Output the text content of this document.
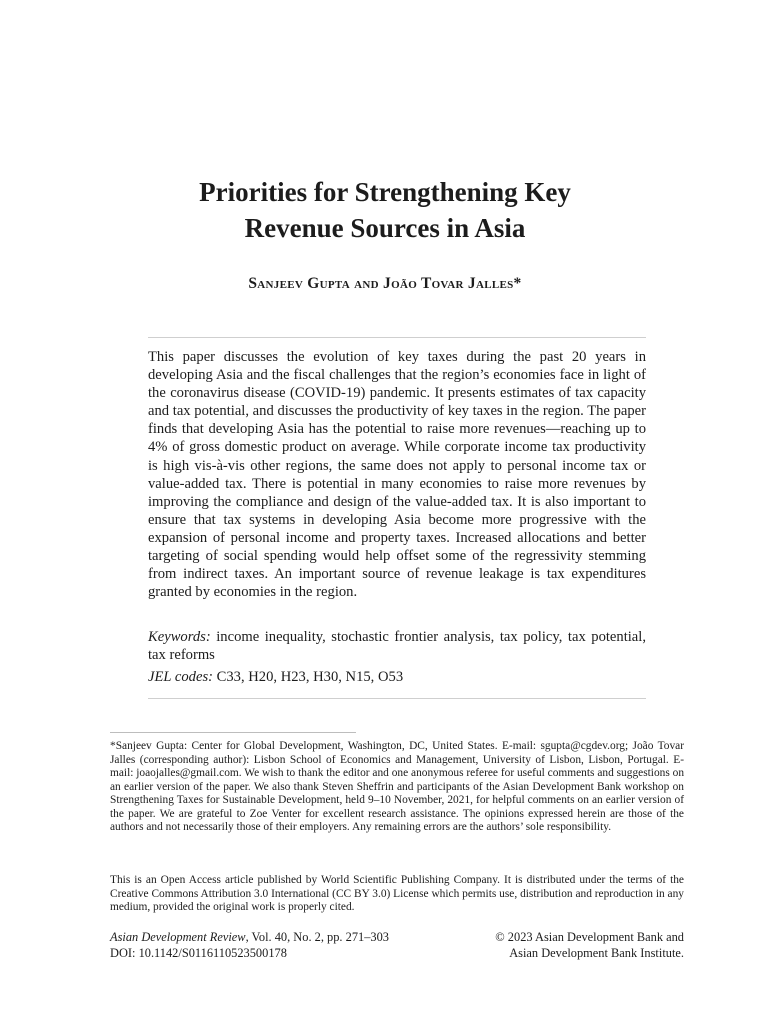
Priorities for Strengthening Key
Revenue Sources in Asia
Sanjeev Gupta and João Tovar Jalles*

This paper discusses the evolution of key taxes during the past 20 years in developing Asia and the fiscal challenges that the region’s economies face in light of the coronavirus disease (COVID-19) pandemic. It presents estimates of tax capacity and tax potential, and discusses the productivity of key taxes in the region. The paper finds that developing Asia has the potential to raise more revenues—reaching up to 4% of gross domestic product on average. While corporate income tax productivity is high vis-à-vis other regions, the same does not apply to personal income tax or value-added tax. There is potential in many economies to raise more revenues by improving the compliance and design of the value-added tax. It is also important to ensure that tax systems in developing Asia become more progressive with the expansion of personal income and property taxes. Increased allocations and better targeting of social spending would help offset some of the regressivity stemming from indirect taxes. An important source of revenue leakage is tax expenditures granted by economies in the region.

Keywords: income inequality, stochastic frontier analysis, tax policy, tax potential, tax reforms

JEL codes: C33, H20, H23, H30, N15, O53

*Sanjeev Gupta: Center for Global Development, Washington, DC, United States. E-mail: sgupta@cgdev.org; João Tovar Jalles (corresponding author): Lisbon School of Economics and Management, University of Lisbon, Lisbon, Portugal. E-mail: joaojalles@gmail.com. We wish to thank the editor and one anonymous referee for useful comments and suggestions on an earlier version of the paper. We also thank Steven Sheffrin and participants of the Asian Development Bank workshop on Strengthening Taxes for Sustainable Development, held 9–10 November, 2021, for helpful comments on an earlier version of the paper. We are grateful to Zoe Venter for excellent research assistance. The opinions expressed herein are those of the authors and not necessarily those of their employers. Any remaining errors are the authors’ sole responsibility.

This is an Open Access article published by World Scientific Publishing Company. It is distributed under the terms of the Creative Commons Attribution 3.0 International (CC BY 3.0) License which permits use, distribution and reproduction in any medium, provided the original work is properly cited.

Asian Development Review, Vol. 40, No. 2, pp. 271–303
DOI: 10.1142/S0116110523500178
© 2023 Asian Development Bank and
Asian Development Bank Institute.
